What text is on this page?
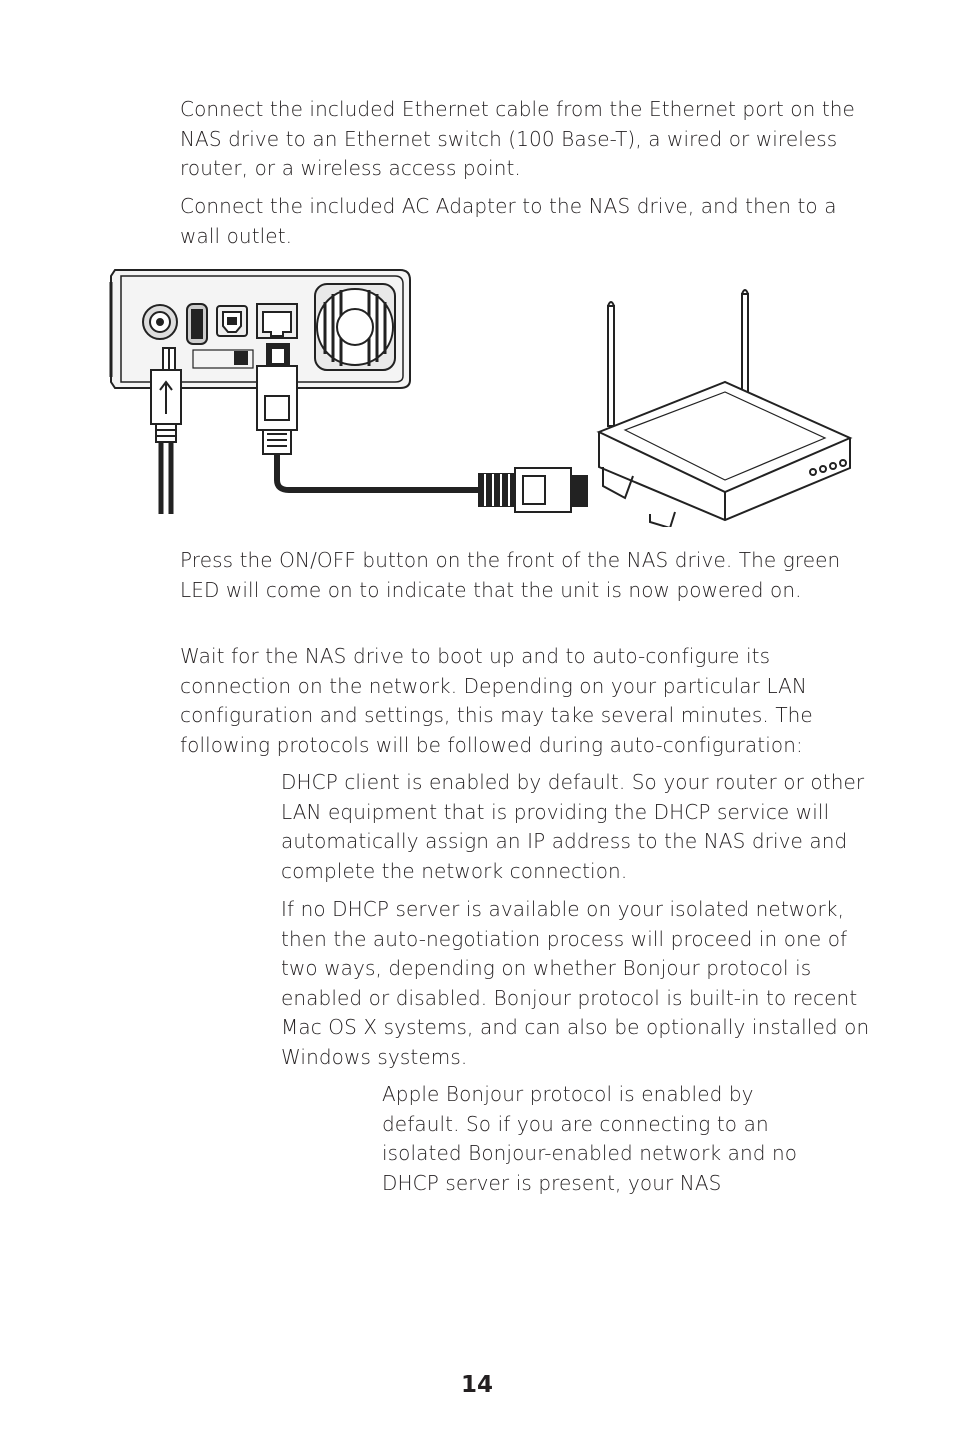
Connect the included Ethernet cable from the Ethernet port on the NAS drive to an Ethernet switch (100 Base-T), a wired or wireless router, or a wireless access point.

Connect the included AC Adapter to the NAS drive, and then to a wall outlet.

Press the ON/OFF button on the front of the NAS drive. The green LED will come on to indicate that the unit is now powered on.

Wait for the NAS drive to boot up and to auto-configure its connection on the network. Depending on your particular LAN configuration and settings, this may take several minutes. The following protocols will be followed during auto-configuration:

DHCP client is enabled by default. So your router or other LAN equipment that is providing the DHCP service will automatically assign an IP address to the NAS drive and complete the network connection.

If no DHCP server is available on your isolated network, then the auto-negotiation process will proceed in one of two ways, depending on whether Bonjour protocol is enabled or disabled. Bonjour protocol is built-in to recent Mac OS X systems, and can also be optionally installed on Windows systems.

Apple Bonjour protocol is enabled by default. So if you are connecting to an isolated Bonjour-enabled network and no DHCP server is present, your NAS

14
